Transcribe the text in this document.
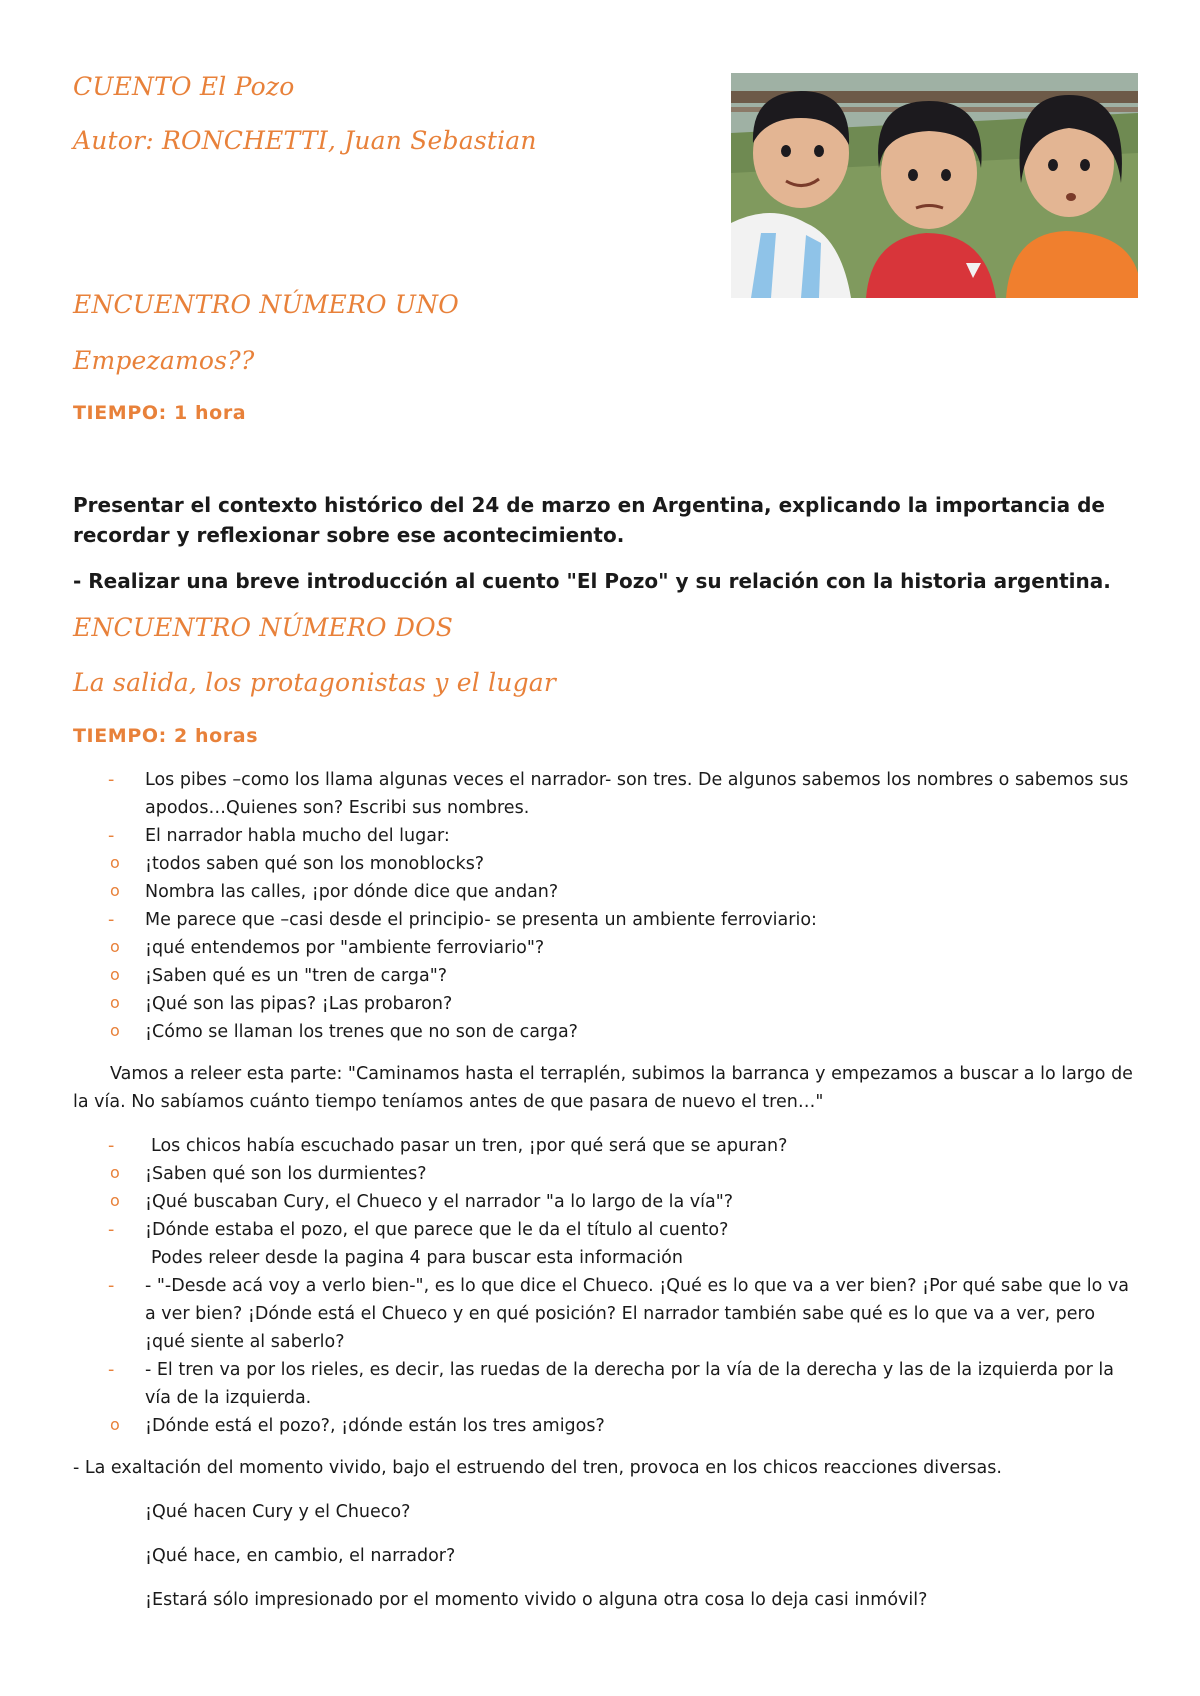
CUENTO El Pozo
Autor: RONCHETTI, Juan Sebastian
ENCUENTRO NÚMERO UNO
Empezamos??
TIEMPO: 1 hora
Presentar el contexto histórico del 24 de marzo en Argentina, explicando la importancia de recordar y reflexionar sobre ese acontecimiento.
- Realizar una breve introducción al cuento "El Pozo" y su relación con la historia argentina.
ENCUENTRO NÚMERO DOS
La salida, los protagonistas y el lugar
TIEMPO: 2 horas
- Los pibes –como los llama algunas veces el narrador- son tres. De algunos sabemos los nombres o sabemos sus apodos…Quienes son? Escribi sus nombres.
- El narrador habla mucho del lugar:
o ¡todos saben qué son los monoblocks?
o Nombra las calles, ¡por dónde dice que andan?
- Me parece que –casi desde el principio- se presenta un ambiente ferroviario:
o ¡qué entendemos por "ambiente ferroviario"?
o ¡Saben qué es un "tren de carga"?
o ¡Qué son las pipas? ¡Las probaron?
o ¡Cómo se llaman los trenes que no son de carga?
Vamos a releer esta parte: "Caminamos hasta el terraplén, subimos la barranca y empezamos a buscar a lo largo de la vía. No sabíamos cuánto tiempo teníamos antes de que pasara de nuevo el tren…"
- Los chicos había escuchado pasar un tren, ¡por qué será que se apuran?
o ¡Saben qué son los durmientes?
o ¡Qué buscaban Cury, el Chueco y el narrador "a lo largo de la vía"?
- ¡Dónde estaba el pozo, el que parece que le da el título al cuento?
Podes releer desde la pagina 4 para buscar esta información
- - "-Desde acá voy a verlo bien-", es lo que dice el Chueco. ¡Qué es lo que va a ver bien? ¡Por qué sabe que lo va a ver bien? ¡Dónde está el Chueco y en qué posición? El narrador también sabe qué es lo que va a ver, pero ¡qué siente al saberlo?
- - El tren va por los rieles, es decir, las ruedas de la derecha por la vía de la derecha y las de la izquierda por la vía de la izquierda.
o ¡Dónde está el pozo?, ¡dónde están los tres amigos?
- La exaltación del momento vivido, bajo el estruendo del tren, provoca en los chicos reacciones diversas.
¡Qué hacen Cury y el Chueco?
¡Qué hace, en cambio, el narrador?
¡Estará sólo impresionado por el momento vivido o alguna otra cosa lo deja casi inmóvil?
